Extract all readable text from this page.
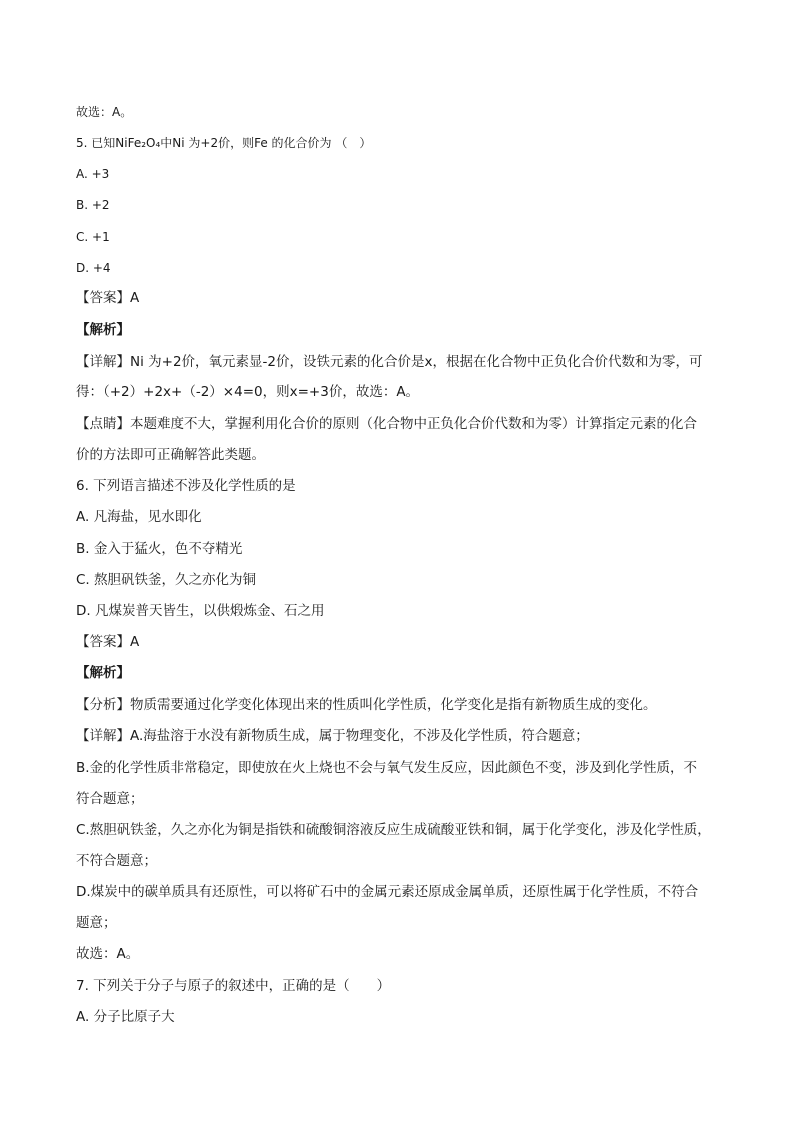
故选：A。
5. 已知NiFe₂O₄中Ni 为+2价，则Fe 的化合价为 （　）
A. +3
B. +2
C. +1
D. +4
【答案】A
【解析】
【详解】Ni 为+2价，氧元素显-2价，设铁元素的化合价是x，根据在化合物中正负化合价代数和为零，可
得：（+2）+2x+（-2）×4=0，则x=+3价，故选：A。
【点睛】本题难度不大，掌握利用化合价的原则（化合物中正负化合价代数和为零）计算指定元素的化合
价的方法即可正确解答此类题。
6. 下列语言描述不涉及化学性质的是
A. 凡海盐，见水即化
B. 金入于猛火，色不夺精光
C. 熬胆矾铁釜，久之亦化为铜
D. 凡煤炭普天皆生，以供煅炼金、石之用
【答案】A
【解析】
【分析】物质需要通过化学变化体现出来的性质叫化学性质，化学变化是指有新物质生成的变化。
【详解】A.海盐溶于水没有新物质生成，属于物理变化，不涉及化学性质，符合题意；
B.金的化学性质非常稳定，即使放在火上烧也不会与氧气发生反应，因此颜色不变，涉及到化学性质，不
符合题意；
C.熬胆矾铁釜，久之亦化为铜是指铁和硫酸铜溶液反应生成硫酸亚铁和铜，属于化学变化，涉及化学性质，
不符合题意；
D.煤炭中的碳单质具有还原性，可以将矿石中的金属元素还原成金属单质，还原性属于化学性质，不符合
题意；
故选：A。
7. 下列关于分子与原子的叙述中，正确的是（　　）
A. 分子比原子大
